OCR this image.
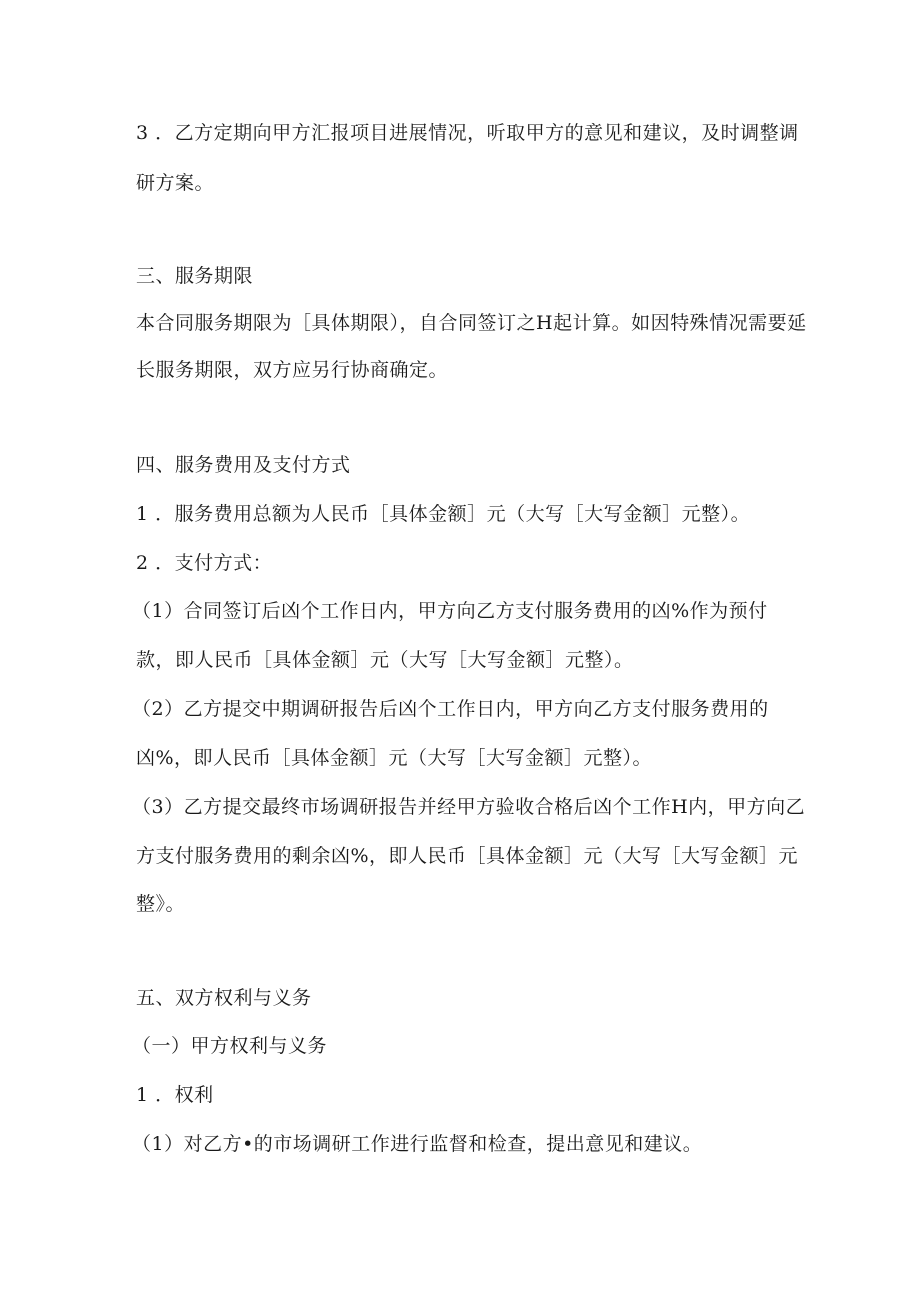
3 ．乙方定期向甲方汇报项目进展情况，听取甲方的意见和建议，及时调整调
研方案。
三、服务期限
本合同服务期限为［具体期限），自合同签订之H起计算。如因特殊情况需要延
长服务期限，双方应另行协商确定。
四、服务费用及支付方式
1 ．服务费用总额为人民币［具体金额］元（大写［大写金额］元整）。
2 ．支付方式：
（1）合同签订后凶个工作日内，甲方向乙方支付服务费用的凶%作为预付
款，即人民币［具体金额］元（大写［大写金额］元整）。
（2）乙方提交中期调研报告后凶个工作日内，甲方向乙方支付服务费用的
凶%，即人民币［具体金额］元（大写［大写金额］元整）。
（3）乙方提交最终市场调研报告并经甲方验收合格后凶个工作H内，甲方向乙
方支付服务费用的剩余凶%，即人民币［具体金额］元（大写［大写金额］元
整》。
五、双方权利与义务
（一）甲方权利与义务
1 ．权利
（1）对乙方•的市场调研工作进行监督和检查，提出意见和建议。
